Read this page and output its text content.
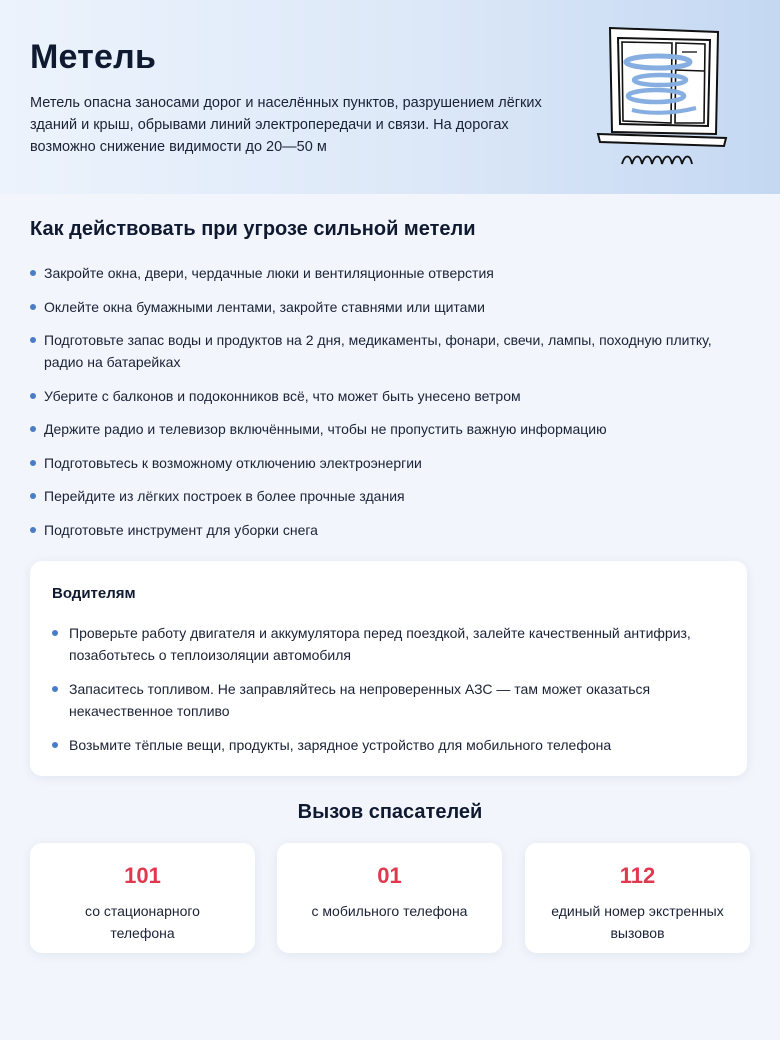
Метель

Метель опасна заносами дорог и населённых пунктов, разрушением лёгких зданий и крыш, обрывами линий электропередачи и связи. На дорогах возможно снижение видимости до 20—50 м

Как действовать при угрозе сильной метели
Закройте окна, двери, чердачные люки и вентиляционные отверстия
Оклейте окна бумажными лентами, закройте ставнями или щитами
Подготовьте запас воды и продуктов на 2 дня, медикаменты, фонари, свечи, лампы, походную плитку, радио на батарейках
Уберите с балконов и подоконников всё, что может быть унесено ветром
Держите радио и телевизор включёнными, чтобы не пропустить важную информацию
Подготовьтесь к возможному отключению электроэнергии
Перейдите из лёгких построек в более прочные здания
Подготовьте инструмент для уборки снега
Водителям
Проверьте работу двигателя и аккумулятора перед поездкой, залейте качественный антифриз, позаботьтесь о теплоизоляции автомобиля
Запаситесь топливом. Не заправляйтесь на непроверенных АЗС — там может оказаться некачественное топливо
Возьмите тёплые вещи, продукты, зарядное устройство для мобильного телефона
Вызов спасателей
101
со стационарного телефона
01
с мобильного телефона
112
единый номер экстренных вызовов
